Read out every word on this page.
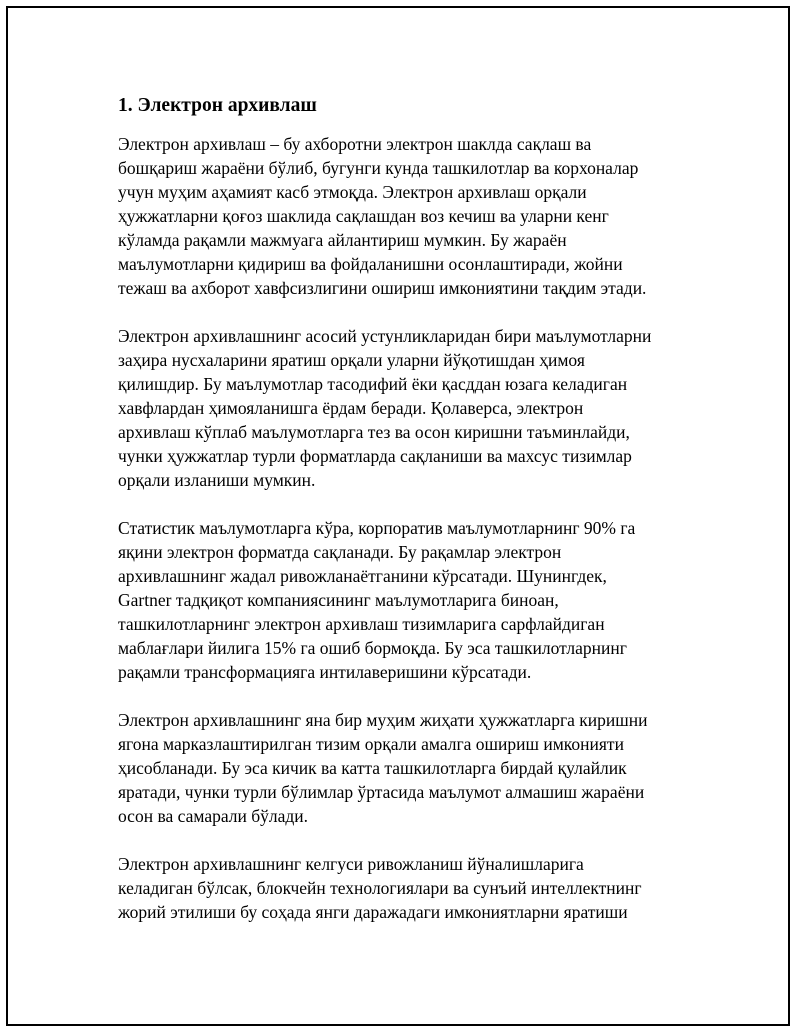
1. Электрон архивлаш

Электрон архивлаш – бу ахборотни электрон шаклда сақлаш ва
бошқариш жараёни бўлиб, бугунги кунда ташкилотлар ва корхоналар
учун муҳим аҳамият касб этмоқда. Электрон архивлаш орқали
ҳужжатларни қоғоз шаклида сақлашдан воз кечиш ва уларни кенг
кўламда рақамли мажмуага айлантириш мумкин. Бу жараён
маълумотларни қидириш ва фойдаланишни осонлаштиради, жойни
тежаш ва ахборот хавфсизлигини ошириш имкониятини тақдим этади.

Электрон архивлашнинг асосий устунликларидан бири маълумотларни
заҳира нусхаларини яратиш орқали уларни йўқотишдан ҳимоя
қилишдир. Бу маълумотлар тасодифий ёки қасддан юзага келадиган
хавфлардан ҳимояланишга ёрдам беради. Қолаверса, электрон
архивлаш кўплаб маълумотларга тез ва осон киришни таъминлайди,
чунки ҳужжатлар турли форматларда сақланиши ва махсус тизимлар
орқали изланиши мумкин.

Статистик маълумотларга кўра, корпоратив маълумотларнинг 90% га
яқини электрон форматда сақланади. Бу рақамлар электрон
архивлашнинг жадал ривожланаётганини кўрсатади. Шунингдек,
Gartner тадқиқот компаниясининг маълумотларига биноан,
ташкилотларнинг электрон архивлаш тизимларига сарфлайдиган
маблағлари йилига 15% га ошиб бормоқда. Бу эса ташкилотларнинг
рақамли трансформацияга интилаверишини кўрсатади.

Электрон архивлашнинг яна бир муҳим жиҳати ҳужжатларга киришни
ягона марказлаштирилган тизим орқали амалга ошириш имконияти
ҳисобланади. Бу эса кичик ва катта ташкилотларга бирдай қулайлик
яратади, чунки турли бўлимлар ўртасида маълумот алмашиш жараёни
осон ва самарали бўлади.

Электрон архивлашнинг келгуси ривожланиш йўналишларига
келадиган бўлсак, блокчейн технологиялари ва сунъий интеллектнинг
жорий этилиши бу соҳада янги даражадаги имкониятларни яратиши
